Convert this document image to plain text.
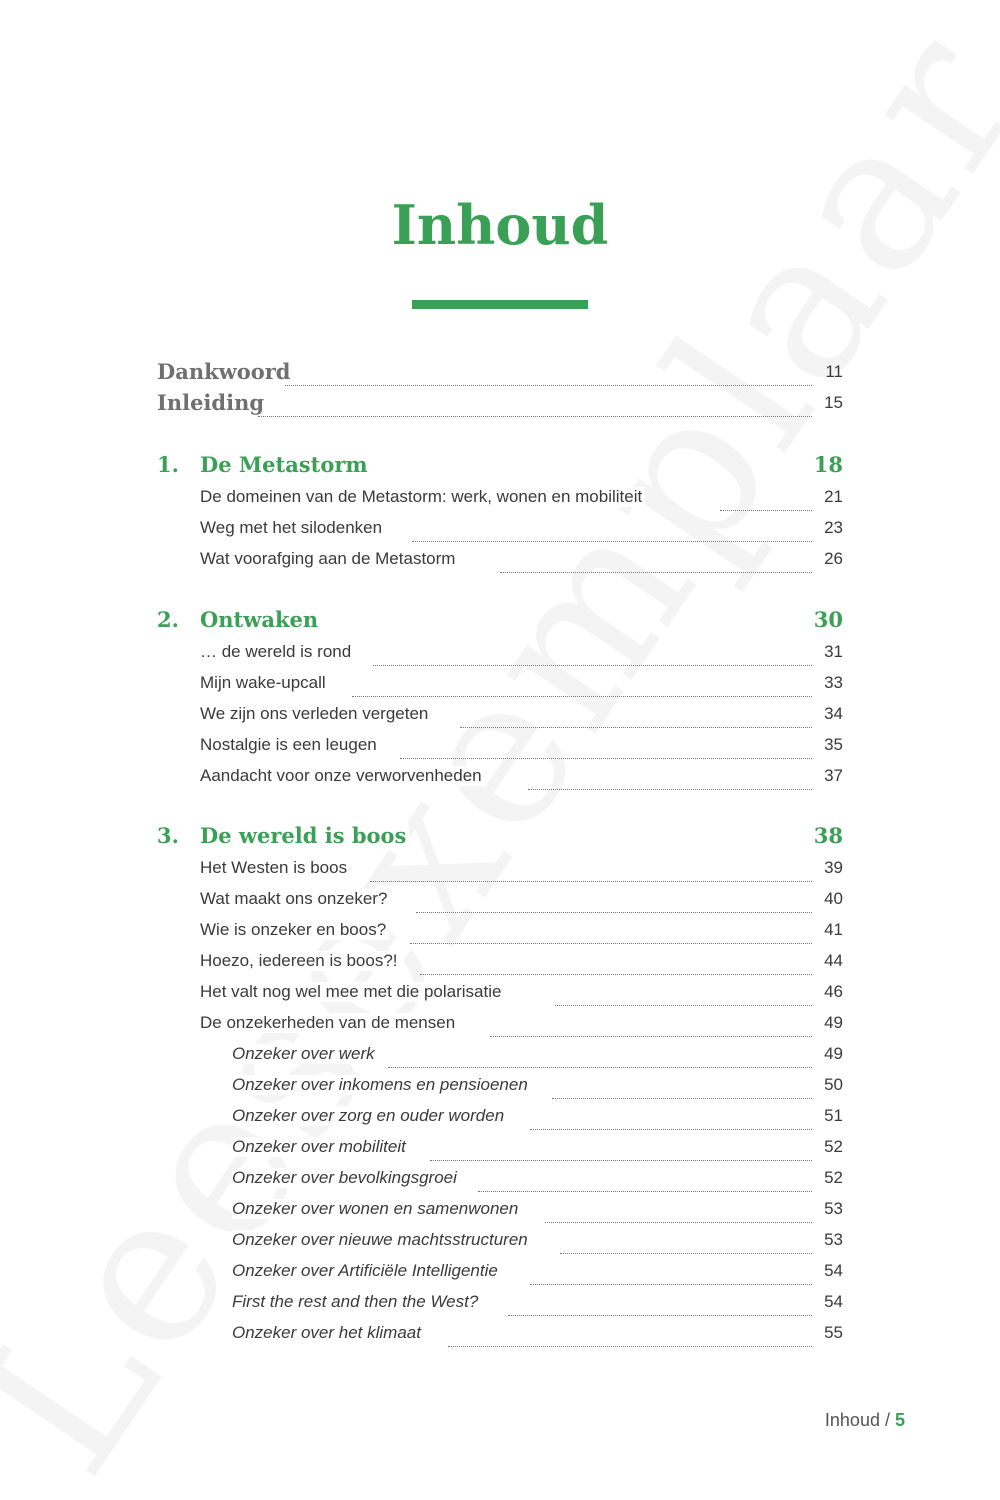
Inhoud
Dankwoord	11
Inleiding	15
1. De Metastorm	18
De domeinen van de Metastorm: werk, wonen en mobiliteit	21
Weg met het silodenken	23
Wat voorafging aan de Metastorm	26
2. Ontwaken	30
… de wereld is rond	31
Mijn wake-upcall	33
We zijn ons verleden vergeten	34
Nostalgie is een leugen	35
Aandacht voor onze verworvenheden	37
3. De wereld is boos	38
Het Westen is boos	39
Wat maakt ons onzeker?	40
Wie is onzeker en boos?	41
Hoezo, iedereen is boos?!	44
Het valt nog wel mee met die polarisatie	46
De onzekerheden van de mensen	49
Onzeker over werk	49
Onzeker over inkomens en pensioenen	50
Onzeker over zorg en ouder worden	51
Onzeker over mobiliteit	52
Onzeker over bevolkingsgroei	52
Onzeker over wonen en samenwonen	53
Onzeker over nieuwe machtsstructuren	53
Onzeker over Artificiële Intelligentie	54
First the rest and then the West?	54
Onzeker over het klimaat	55
Inhoud / 5
